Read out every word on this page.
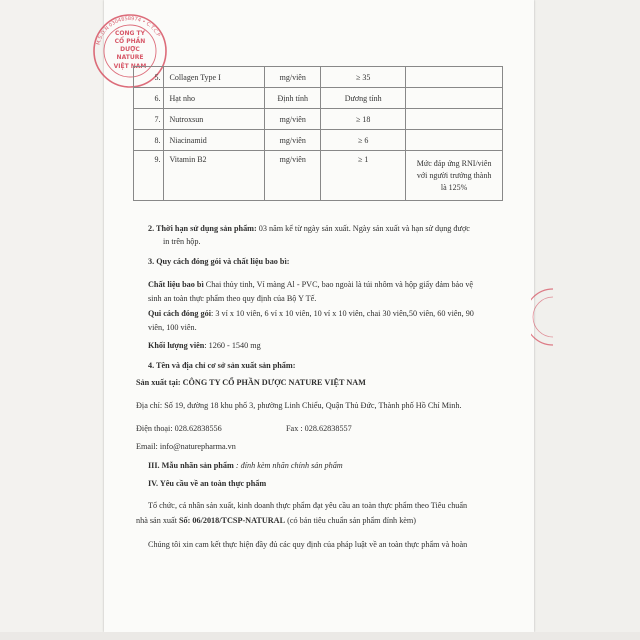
M.S.D.N 0304858974 • C.T.C.P
CÔNG TY
CỔ PHẦN
DƯỢC
NATURE
VIỆT NAM
5.	Collagen Type I	mg/viên	≥ 35	
6.	Hạt nho	Định tính	Dương tính	
7.	Nutroxsun	mg/viên	≥ 18	
8.	Niacinamid	mg/viên	≥ 6	
9.	Vitamin B2	mg/viên	≥ 1	Mức đáp ứng RNI/viên
với người trưởng thành
là 125%
2. Thời hạn sử dụng sản phẩm: 03 năm kể từ ngày sản xuất. Ngày sản xuất và hạn sử dụng được
in trên hộp.
3. Quy cách đóng gói và chất liệu bao bì:
Chất liệu bao bì Chai thủy tinh, Vỉ màng Al - PVC, bao ngoài là túi nhôm và hộp giấy đảm bảo vệ
sinh an toàn thực phẩm theo quy định của Bộ Y Tế.
Qui cách đóng gói: 3 vỉ x 10 viên, 6 vỉ x 10 viên, 10 vỉ x 10 viên, chai 30 viên,50 viên, 60 viên, 90
viên, 100 viên.
Khối lượng viên: 1260 - 1540 mg
4. Tên và địa chỉ cơ sở sản xuất sản phẩm:
Sản xuất tại: CÔNG TY CỔ PHẦN DƯỢC NATURE VIỆT NAM
Địa chỉ: Số 19, đường 18 khu phố 3, phường Linh Chiểu, Quận Thủ Đức, Thành phố Hồ Chí Minh.
Điện thoại: 028.62838556	Fax : 028.62838557
Email: info@naturepharma.vn
III. Mẫu nhãn sản phẩm : đính kèm nhãn chính sản phẩm
IV. Yêu cầu về an toàn thực phẩm
Tổ chức, cá nhân sản xuất, kinh doanh thực phẩm đạt yêu cầu an toàn thực phẩm theo Tiêu chuẩn
nhà sản xuất Số: 06/2018/TCSP-NATURAL (có bản tiêu chuẩn sản phẩm đính kèm)
Chúng tôi xin cam kết thực hiện đầy đủ các quy định của pháp luật về an toàn thực phẩm và hoàn
